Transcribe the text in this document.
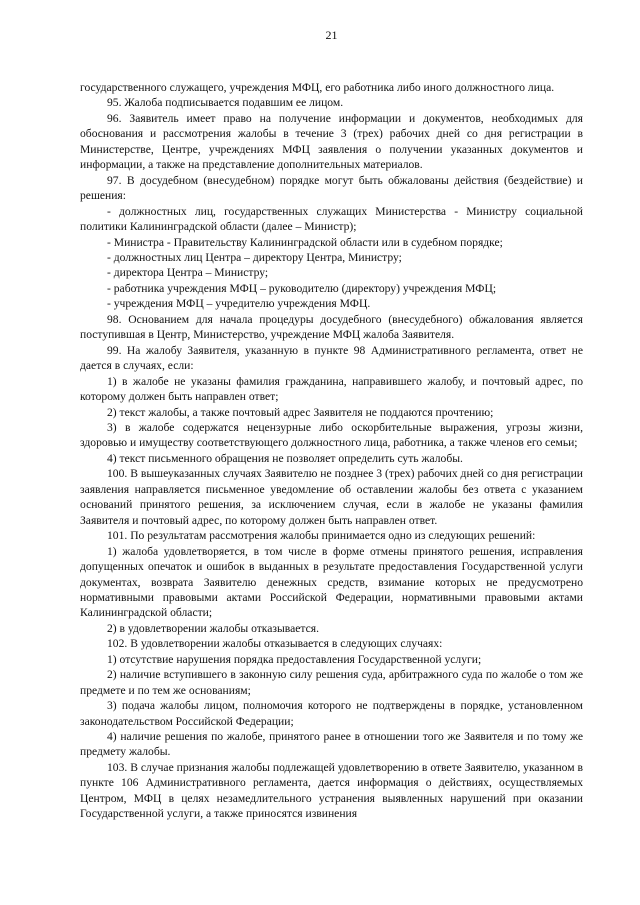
21

государственного служащего, учреждения МФЦ, его работника либо иного должностного лица.

95. Жалоба подписывается подавшим ее лицом.

96. Заявитель имеет право на получение информации и документов, необходимых для обоснования и рассмотрения жалобы в течение 3 (трех) рабочих дней со дня регистрации в Министерстве, Центре, учреждениях МФЦ заявления о получении указанных документов и информации, а также на представление дополнительных материалов.

97. В досудебном (внесудебном) порядке могут быть обжалованы действия (бездействие) и решения:

- должностных лиц, государственных служащих Министерства - Министру социальной политики Калининградской области (далее – Министр);

- Министра - Правительству Калининградской области или в судебном порядке;

- должностных лиц Центра – директору Центра, Министру;

- директора Центра – Министру;

- работника учреждения МФЦ – руководителю (директору) учреждения МФЦ;

- учреждения МФЦ – учредителю учреждения МФЦ.

98. Основанием для начала процедуры досудебного (внесудебного) обжалования является поступившая в Центр, Министерство, учреждение МФЦ жалоба Заявителя.

99. На жалобу Заявителя, указанную в пункте 98 Административного регламента, ответ не дается в случаях, если:

1) в жалобе не указаны фамилия гражданина, направившего жалобу, и почтовый адрес, по которому должен быть направлен ответ;

2) текст жалобы, а также почтовый адрес Заявителя не поддаются прочтению;

3) в жалобе содержатся нецензурные либо оскорбительные выражения, угрозы жизни, здоровью и имуществу соответствующего должностного лица, работника, а также членов его семьи;

4) текст письменного обращения не позволяет определить суть жалобы.

100. В вышеуказанных случаях Заявителю не позднее 3 (трех) рабочих дней со дня регистрации заявления направляется письменное уведомление об оставлении жалобы без ответа с указанием оснований принятого решения, за исключением случая, если в жалобе не указаны фамилия Заявителя и почтовый адрес, по которому должен быть направлен ответ.

101. По результатам рассмотрения жалобы принимается одно из следующих решений:

1) жалоба удовлетворяется, в том числе в форме отмены принятого решения, исправления допущенных опечаток и ошибок в выданных в результате предоставления Государственной услуги документах, возврата Заявителю денежных средств, взимание которых не предусмотрено нормативными правовыми актами Российской Федерации, нормативными правовыми актами Калининградской области;

2) в удовлетворении жалобы отказывается.

102. В удовлетворении жалобы отказывается в следующих случаях:

1) отсутствие нарушения порядка предоставления Государственной услуги;

2) наличие вступившего в законную силу решения суда, арбитражного суда по жалобе о том же предмете и по тем же основаниям;

3) подача жалобы лицом, полномочия которого не подтверждены в порядке, установленном законодательством Российской Федерации;

4) наличие решения по жалобе, принятого ранее в отношении того же Заявителя и по тому же предмету жалобы.

103. В случае признания жалобы подлежащей удовлетворению в ответе Заявителю, указанном в пункте 106 Административного регламента, дается информация о действиях, осуществляемых Центром, МФЦ в целях незамедлительного устранения выявленных нарушений при оказании Государственной услуги, а также приносятся извинения
